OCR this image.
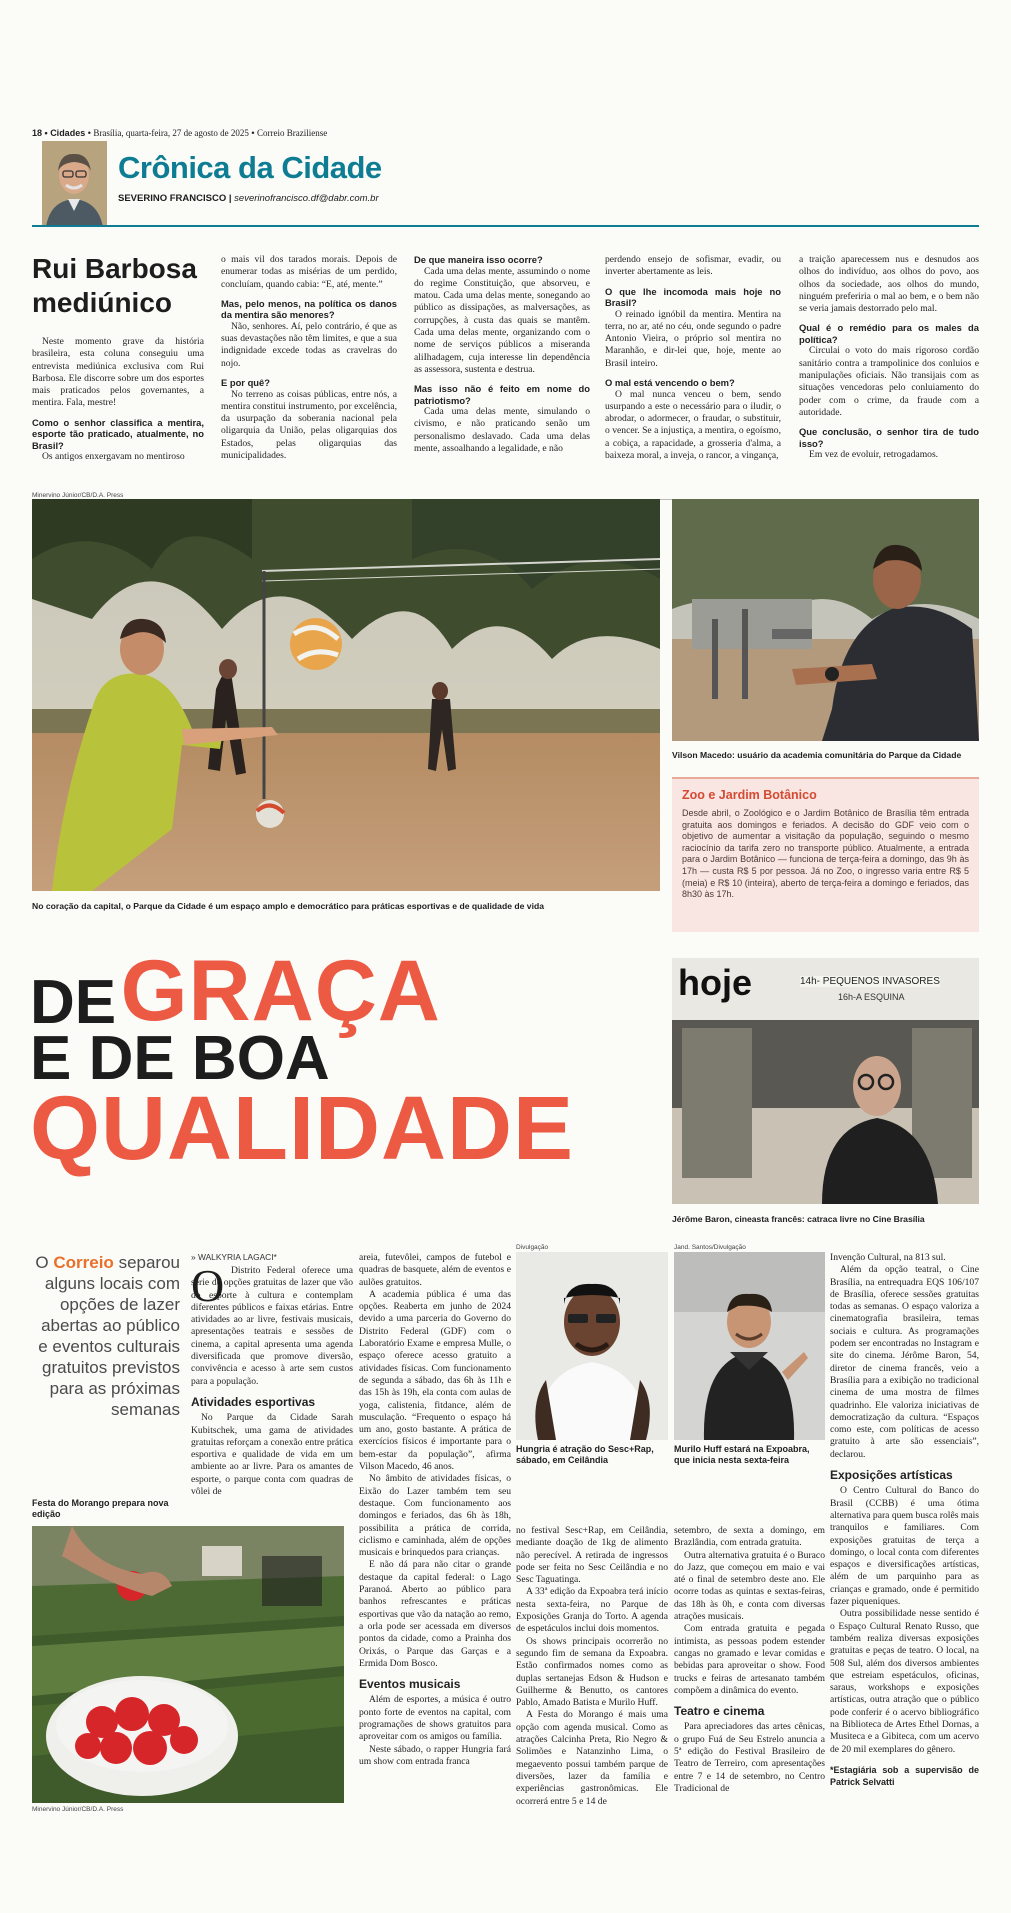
18 • Cidades • Brasília, quarta-feira, 27 de agosto de 2025 • Correio Braziliense
Crônica da Cidade
SEVERINO FRANCISCO | severinofrancisco.df@dabr.com.br
Rui Barbosa
mediúnico

Neste momento grave da história brasileira, esta coluna conseguiu uma entrevista mediúnica exclusiva com Rui Barbosa. Ele discorre sobre um dos esportes mais praticados pelos governantes, a mentira. Fala, mestre!

Como o senhor classifica a mentira, esporte tão praticado, atualmente, no Brasil?

Os antigos enxergavam no mentiroso

o mais vil dos tarados morais. Depois de enumerar todas as misérias de um perdido, concluíam, quando cabia: “E, até, mente.”

Mas, pelo menos, na política os danos da mentira são menores?

Não, senhores. Aí, pelo contrário, é que as suas devastações não têm limites, e que a sua indignidade excede todas as cravelras do nojo.

E por quê?

No terreno as coisas públicas, entre nós, a mentira constitui instrumento, por excelência, da usurpação da soberania nacional pela oligarquia da União, pelas oligarquias dos Estados, pelas oligarquias das municipalidades.

De que maneira isso ocorre?

Cada uma delas mente, assumindo o nome do regime Constituição, que absorveu, e matou. Cada uma delas mente, sonegando ao público as dissipações, as malversações, as corrupções, à custa das quais se mantêm. Cada uma delas mente, organizando com o nome de serviços públicos a miseranda aliIhadagem, cuja interesse lin dependência as assessora, sustenta e destrua.

Mas isso não é feito em nome do patriotismo?

Cada uma delas mente, simulando o civismo, e não praticando senão um personalismo deslavado. Cada uma delas mente, assoalhando a legalidade, e não

perdendo ensejo de sofismar, evadir, ou inverter abertamente as leis.

O que lhe incomoda mais hoje no Brasil?

O reinado ignóbil da mentira. Mentira na terra, no ar, até no céu, onde segundo o padre Antonio Vieira, o próprio sol mentira no Maranhão, e dir-lei que, hoje, mente ao Brasil inteiro.

O mal está vencendo o bem?

O mal nunca venceu o bem, sendo usurpando a este o necessário para o iludir, o abrodar, o adormecer, o fraudar, o substituir, o vencer. Se a injustiça, a mentira, o egoísmo, a cobiça, a rapacidade, a grosseria d'alma, a baixeza moral, a inveja, o rancor, a vingança,

a traição aparecessem nus e desnudos aos olhos do indivíduo, aos olhos do povo, aos olhos da sociedade, aos olhos do mundo, ninguém preferiria o mal ao bem, e o bem não se veria jamais destorrado pelo mal.

Qual é o remédio para os males da política?

Circulai o voto do mais rigoroso cordão sanitário contra a trampolinice dos conluios e manipulações oficiais. Não transijais com as situações vencedoras pelo conluiamento do poder com o crime, da fraude com a autoridade.

Que conclusão, o senhor tira de tudo isso?

Em vez de evoluir, retrogadamos.

Minervino Júnior/CB/D.A. Press
No coração da capital, o Parque da Cidade é um espaço amplo e democrático para práticas esportivas e de qualidade de vida
Vilson Macedo: usuário da academia comunitária do Parque da Cidade
Zoo e Jardim Botânico
Desde abril, o Zoológico e o Jardim Botânico de Brasília têm entrada gratuita aos domingos e feriados. A decisão do GDF veio com o objetivo de aumentar a visitação da população, seguindo o mesmo raciocínio da tarifa zero no transporte público. Atualmente, a entrada para o Jardim Botânico — funciona de terça-feira a domingo, das 9h às 17h — custa R$ 5 por pessoa. Já no Zoo, o ingresso varia entre R$ 5 (meia) e R$ 10 (inteira), aberto de terça-feira a domingo e feriados, das 8h30 às 17h.
DE GRAÇA
E DE BOA
QUALIDADE
hoje	14h- PEQUENOS INVASORES
16h-A ESQUINA
Jérôme Baron, cineasta francês: catraca livre no Cine Brasília
O Correio separou alguns locais com opções de lazer abertas ao público e eventos culturais gratuitos previstos para as próximas semanas
» WALKYRIA LAGACI*
O Distrito Federal oferece uma série de opções gratuitas de lazer que vão do esporte à cultura e contemplam diferentes públicos e faixas etárias. Entre atividades ao ar livre, festivais musicais, apresentações teatrais e sessões de cinema, a capital apresenta uma agenda diversificada que promove diversão, convivência e acesso à arte sem custos para a população.

Atividades esportivas

No Parque da Cidade Sarah Kubitschek, uma gama de atividades gratuitas reforçam a conexão entre prática esportiva e qualidade de vida em um ambiente ao ar livre. Para os amantes de esporte, o parque conta com quadras de vôlei de

areia, futevôlei, campos de futebol e quadras de basquete, além de eventos e aulões gratuitos.

A academia pública é uma das opções. Reaberta em junho de 2024 devido a uma parceria do Governo do Distrito Federal (GDF) com o Laboratório Exame e empresa Mulle, o espaço oferece acesso gratuito a atividades físicas. Com funcionamento de segunda a sábado, das 6h às 11h e das 15h às 19h, ela conta com aulas de yoga, calistenia, fitdance, além de musculação. “Frequento o espaço há um ano, gosto bastante. A prática de exercícios físicos é importante para o bem-estar da população”, afirma Vilson Macedo, 46 anos.

No âmbito de atividades físicas, o Eixão do Lazer também tem seu destaque. Com funcionamento aos domingos e feriados, das 6h às 18h, possibilita a prática de corrida, ciclismo e caminhada, além de opções musicais e brinquedos para crianças.

E não dá para não citar o grande destaque da capital federal: o Lago Paranoá. Aberto ao público para banhos refrescantes e práticas esportivas que vão da natação ao remo, a orla pode ser acessada em diversos pontos da cidade, como a Prainha dos Orixás, o Parque das Garças e a Ermida Dom Bosco.

Eventos musicais

Além de esportes, a música é outro ponto forte de eventos na capital, com programações de shows gratuitos para aproveitar com os amigos ou família.

Neste sábado, o rapper Hungria fará um show com entrada franca

no festival Sesc+Rap, em Ceilândia, mediante doação de 1kg de alimento não perecível. A retirada de ingressos pode ser feita no Sesc Ceilândia e no Sesc Taguatinga.

A 33ª edição da Expoabra terá início nesta sexta-feira, no Parque de Exposições Granja do Torto. A agenda de espetáculos inclui dois momentos.

Os shows principais ocorrerão no segundo fim de semana da Expoabra. Estão confirmados nomes como as duplas sertanejas Edson & Hudson e Guilherme & Benutto, os cantores Pablo, Amado Batista e Murilo Huff.

A Festa do Morango é mais uma opção com agenda musical. Como as atrações Calcinha Preta, Rio Negro & Solimões e Natanzinho Lima, o megaevento possui também parque de diversões, lazer da família e experiências gastronômicas. Ele ocorrerá entre 5 e 14 de

setembro, de sexta a domingo, em Brazlândia, com entrada gratuita.

Outra alternativa gratuita é o Buraco do Jazz, que começou em maio e vai até o final de setembro deste ano. Ele ocorre todas as quintas e sextas-feiras, das 18h às 0h, e conta com diversas atrações musicais.

Com entrada gratuita e pegada intimista, as pessoas podem estender cangas no gramado e levar comidas e bebidas para aproveitar o show. Food trucks e feiras de artesanato também compõem a dinâmica do evento.

Teatro e cinema

Para apreciadores das artes cênicas, o grupo Fuá de Seu Estrelo anuncia a 5ª edição do Festival Brasileiro de Teatro de Terreiro, com apresentações entre 7 e 14 de setembro, no Centro Tradicional de

Invenção Cultural, na 813 sul.

Além da opção teatral, o Cine Brasília, na entrequadra EQS 106/107 de Brasília, oferece sessões gratuitas todas as semanas. O espaço valoriza a cinematografia brasileira, temas sociais e cultura. As programações podem ser encontradas no Instagram e site do cinema. Jérôme Baron, 54, diretor de cinema francês, veio a Brasília para a exibição no tradicional cinema de uma mostra de filmes quadrinho. Ele valoriza iniciativas de democratização da cultura. “Espaços como este, com políticas de acesso gratuito à arte são essenciais”, declarou.

Exposições artísticas

O Centro Cultural do Banco do Brasil (CCBB) é uma ótima alternativa para quem busca rolês mais tranquilos e familiares. Com exposições gratuitas de terça a domingo, o local conta com diferentes espaços e diversificações artísticas, além de um parquinho para as crianças e gramado, onde é permitido fazer piqueniques.

Outra possibilidade nesse sentido é o Espaço Cultural Renato Russo, que também realiza diversas exposições gratuitas e peças de teatro. O local, na 508 Sul, além dos diversos ambientes que estreiam espetáculos, oficinas, saraus, workshops e exposições artísticas, outra atração que o público pode conferir é o acervo bibliográfico na Biblioteca de Artes Ethel Dornas, a Musiteca e a Gibiteca, com um acervo de 20 mil exemplares do gênero.

*Estagiária sob a supervisão de Patrick Selvatti

Divulgação
Hungria é atração do Sesc+Rap, sábado, em Ceilândia
Jand. Santos/Divulgação
Murilo Huff estará na Expoabra, que inicia nesta sexta-feira
Festa do Morango prepara nova edição
Minervino Júnior/CB/D.A. Press
